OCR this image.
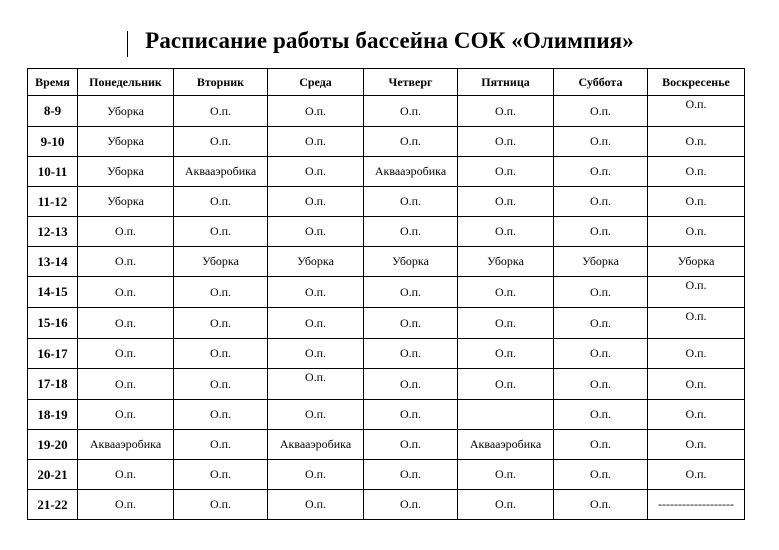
Расписание работы бассейна СОК «Олимпия»
Время	Понедельник	Вторник	Среда	Четверг	Пятница	Суббота	Воскресенье
8-9	Уборка	О.п.	О.п.	О.п.	О.п.	О.п.	О.п.
9-10	Уборка	О.п.	О.п.	О.п.	О.п.	О.п.	О.п.
10-11	Уборка	Аквааэробика	О.п.	Аквааэробика	О.п.	О.п.	О.п.
11-12	Уборка	О.п.	О.п.	О.п.	О.п.	О.п.	О.п.
12-13	О.п.	О.п.	О.п.	О.п.	О.п.	О.п.	О.п.
13-14	О.п.	Уборка	Уборка	Уборка	Уборка	Уборка	Уборка
14-15	О.п.	О.п.	О.п.	О.п.	О.п.	О.п.	О.п.
15-16	О.п.	О.п.	О.п.	О.п.	О.п.	О.п.	О.п.
16-17	О.п.	О.п.	О.п.	О.п.	О.п.	О.п.	О.п.
17-18	О.п.	О.п.	О.п.	О.п.	О.п.	О.п.	О.п.
18-19	О.п.	О.п.	О.п.	О.п.		О.п.	О.п.
19-20	Аквааэробика	О.п.	Аквааэробика	О.п.	Аквааэробика	О.п.	О.п.
20-21	О.п.	О.п.	О.п.	О.п.	О.п.	О.п.	О.п.
21-22	О.п.	О.п.	О.п.	О.п.	О.п.	О.п.	-------------------
